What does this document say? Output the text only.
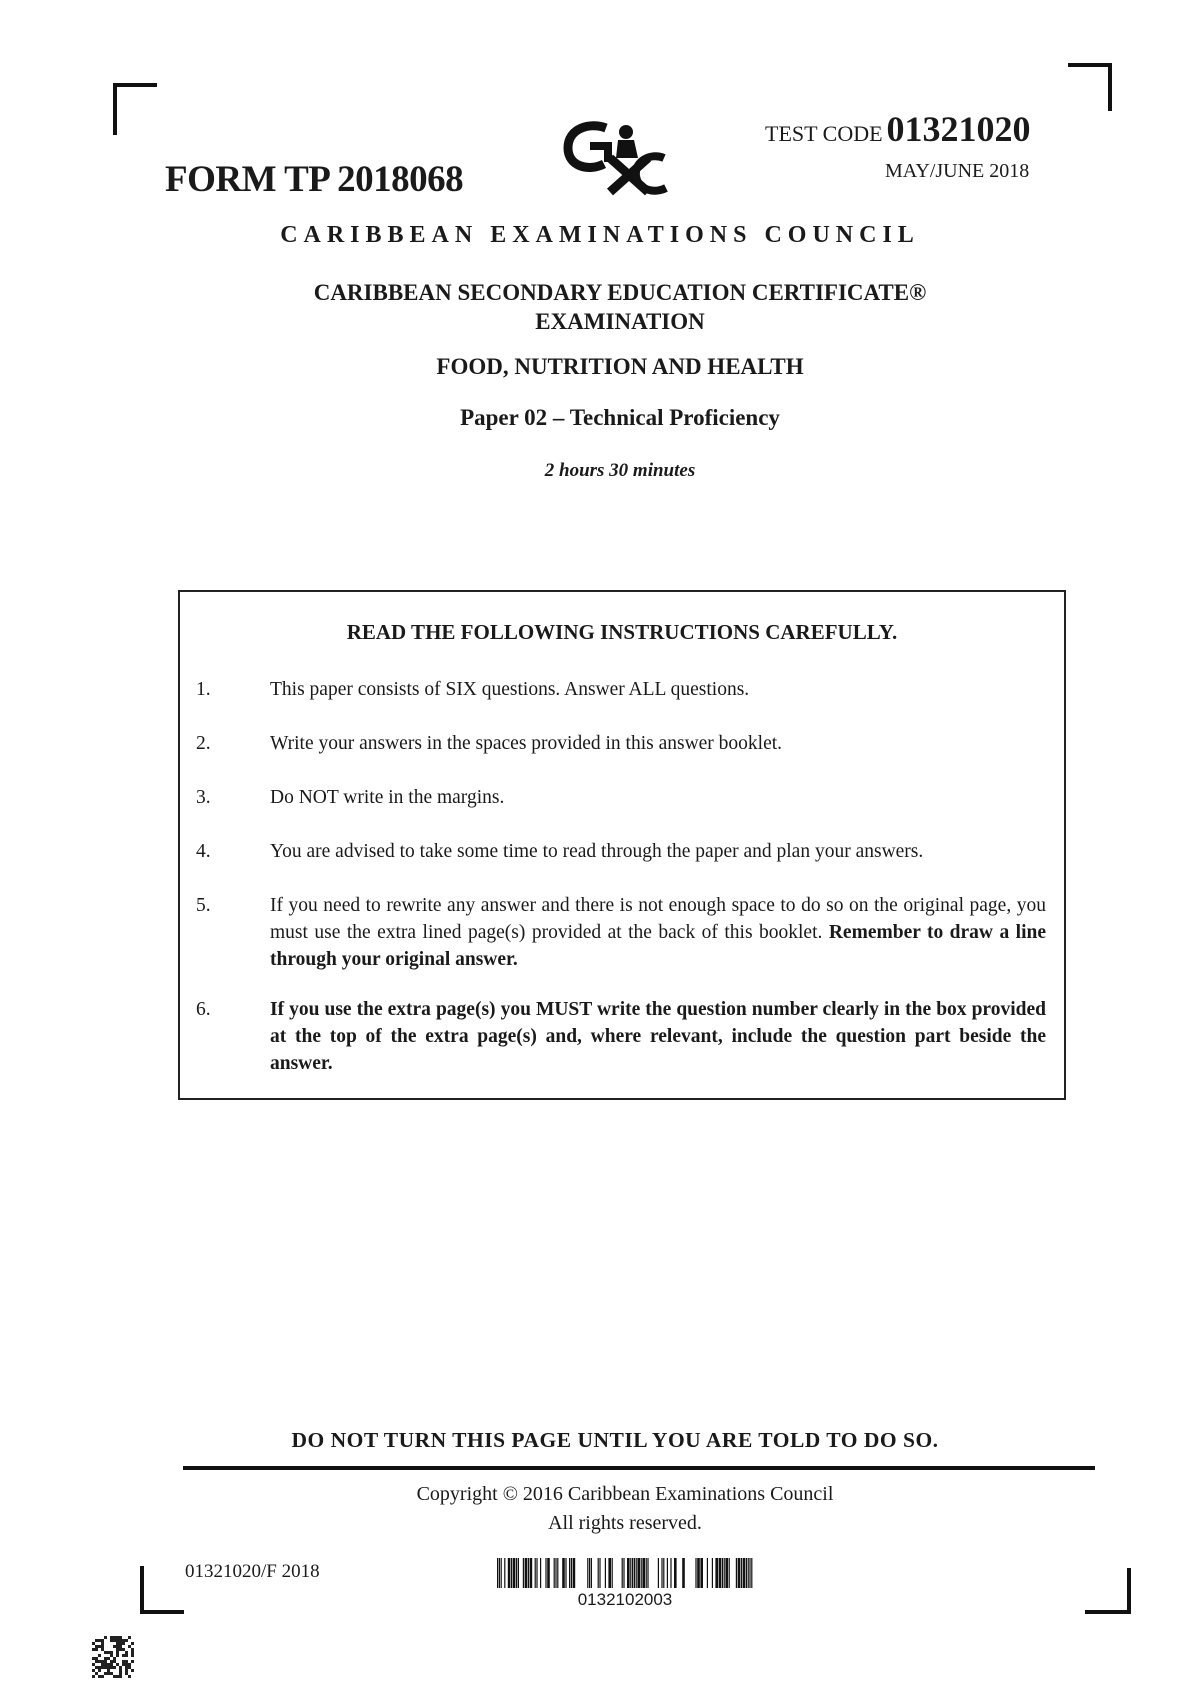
FORM TP 2018068
TEST CODE 01321020
MAY/JUNE 2018
CARIBBEAN EXAMINATIONS COUNCIL
CARIBBEAN SECONDARY EDUCATION CERTIFICATE®
EXAMINATION
FOOD, NUTRITION AND HEALTH
Paper 02 – Technical Proficiency
2 hours 30 minutes
READ THE FOLLOWING INSTRUCTIONS CAREFULLY.
1.	This paper consists of SIX questions. Answer ALL questions.
2.	Write your answers in the spaces provided in this answer booklet.
3.	Do NOT write in the margins.
4.	You are advised to take some time to read through the paper and plan your answers.
5.	If you need to rewrite any answer and there is not enough space to do so on the original page, you must use the extra lined page(s) provided at the back of this booklet. Remember to draw a line through your original answer.
6.	If you use the extra page(s) you MUST write the question number clearly in the box provided at the top of the extra page(s) and, where relevant, include the question part beside the answer.
DO NOT TURN THIS PAGE UNTIL YOU ARE TOLD TO DO SO.
Copyright © 2016 Caribbean Examinations Council
All rights reserved.
01321020/F 2018
0132102003
